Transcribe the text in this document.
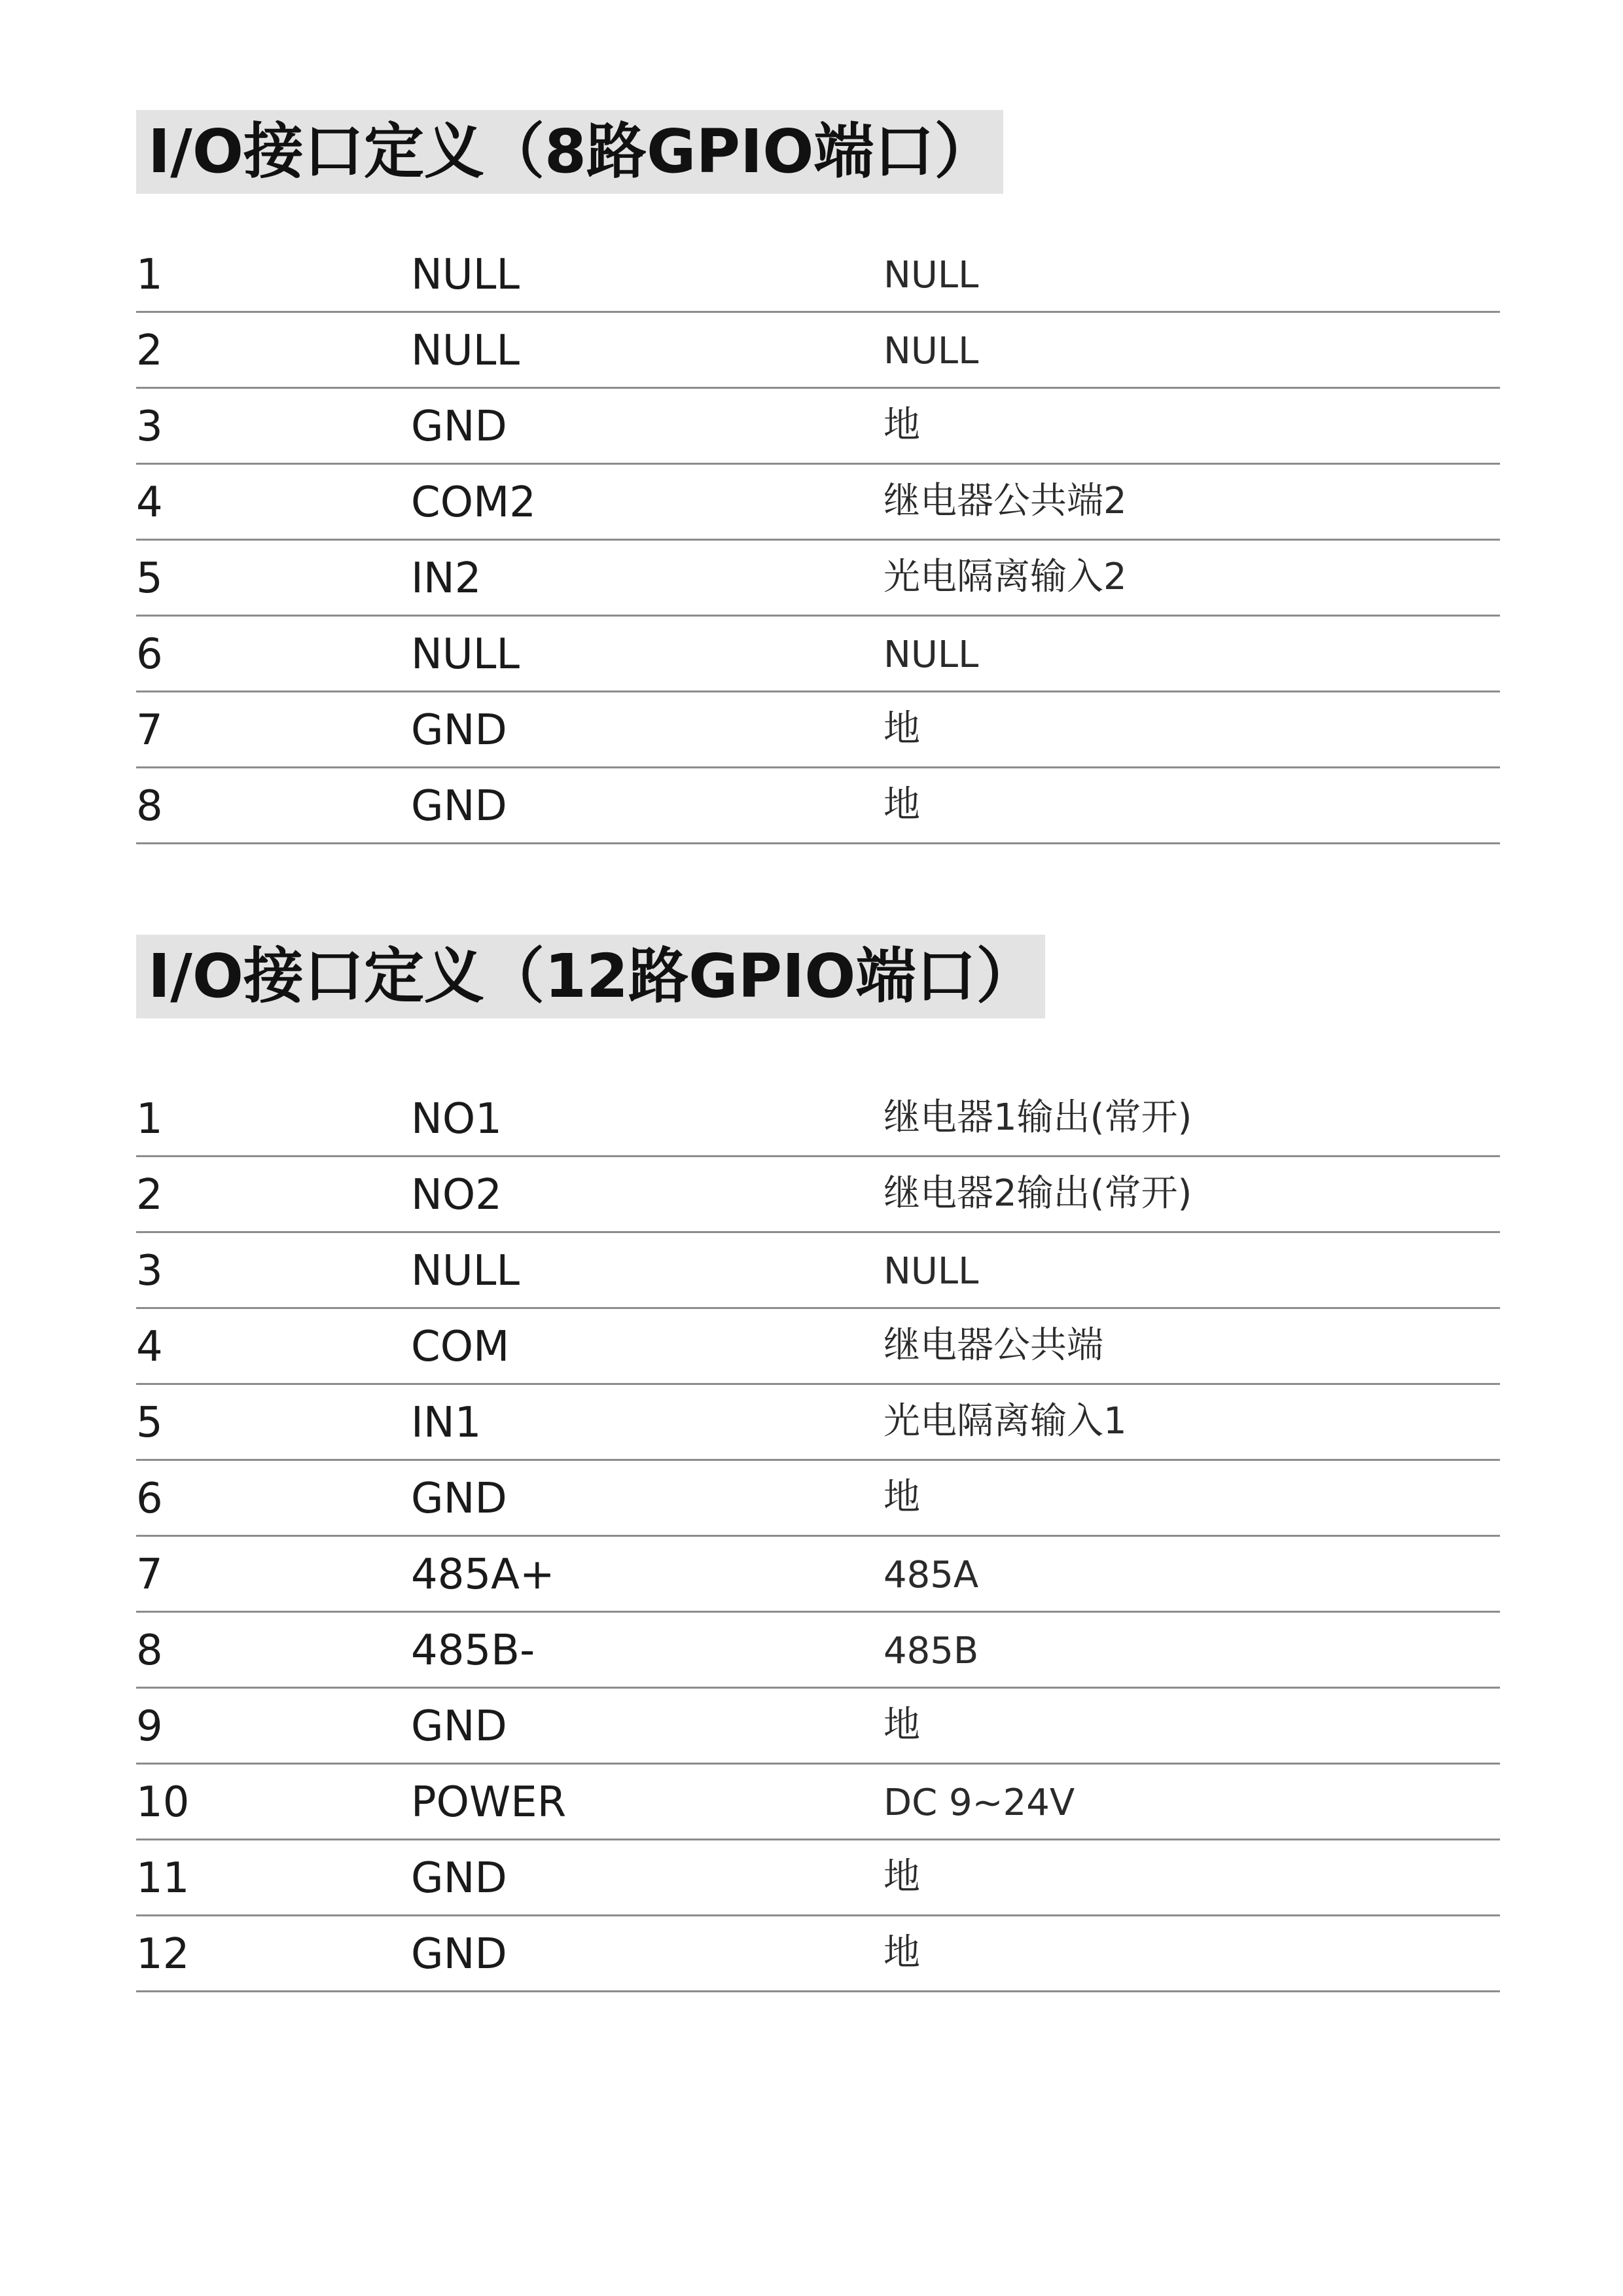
I/O接口定义（8路GPIO端口）
1	NULL	NULL
2	NULL	NULL
3	GND	地
4	COM2	继电器公共端2
5	IN2	光电隔离输入2
6	NULL	NULL
7	GND	地
8	GND	地
I/O接口定义（12路GPIO端口）
1	NO1	继电器1输出(常开)
2	NO2	继电器2输出(常开)
3	NULL	NULL
4	COM	继电器公共端
5	IN1	光电隔离输入1
6	GND	地
7	485A+	485A
8	485B-	485B
9	GND	地
10	POWER	DC 9~24V
11	GND	地
12	GND	地
